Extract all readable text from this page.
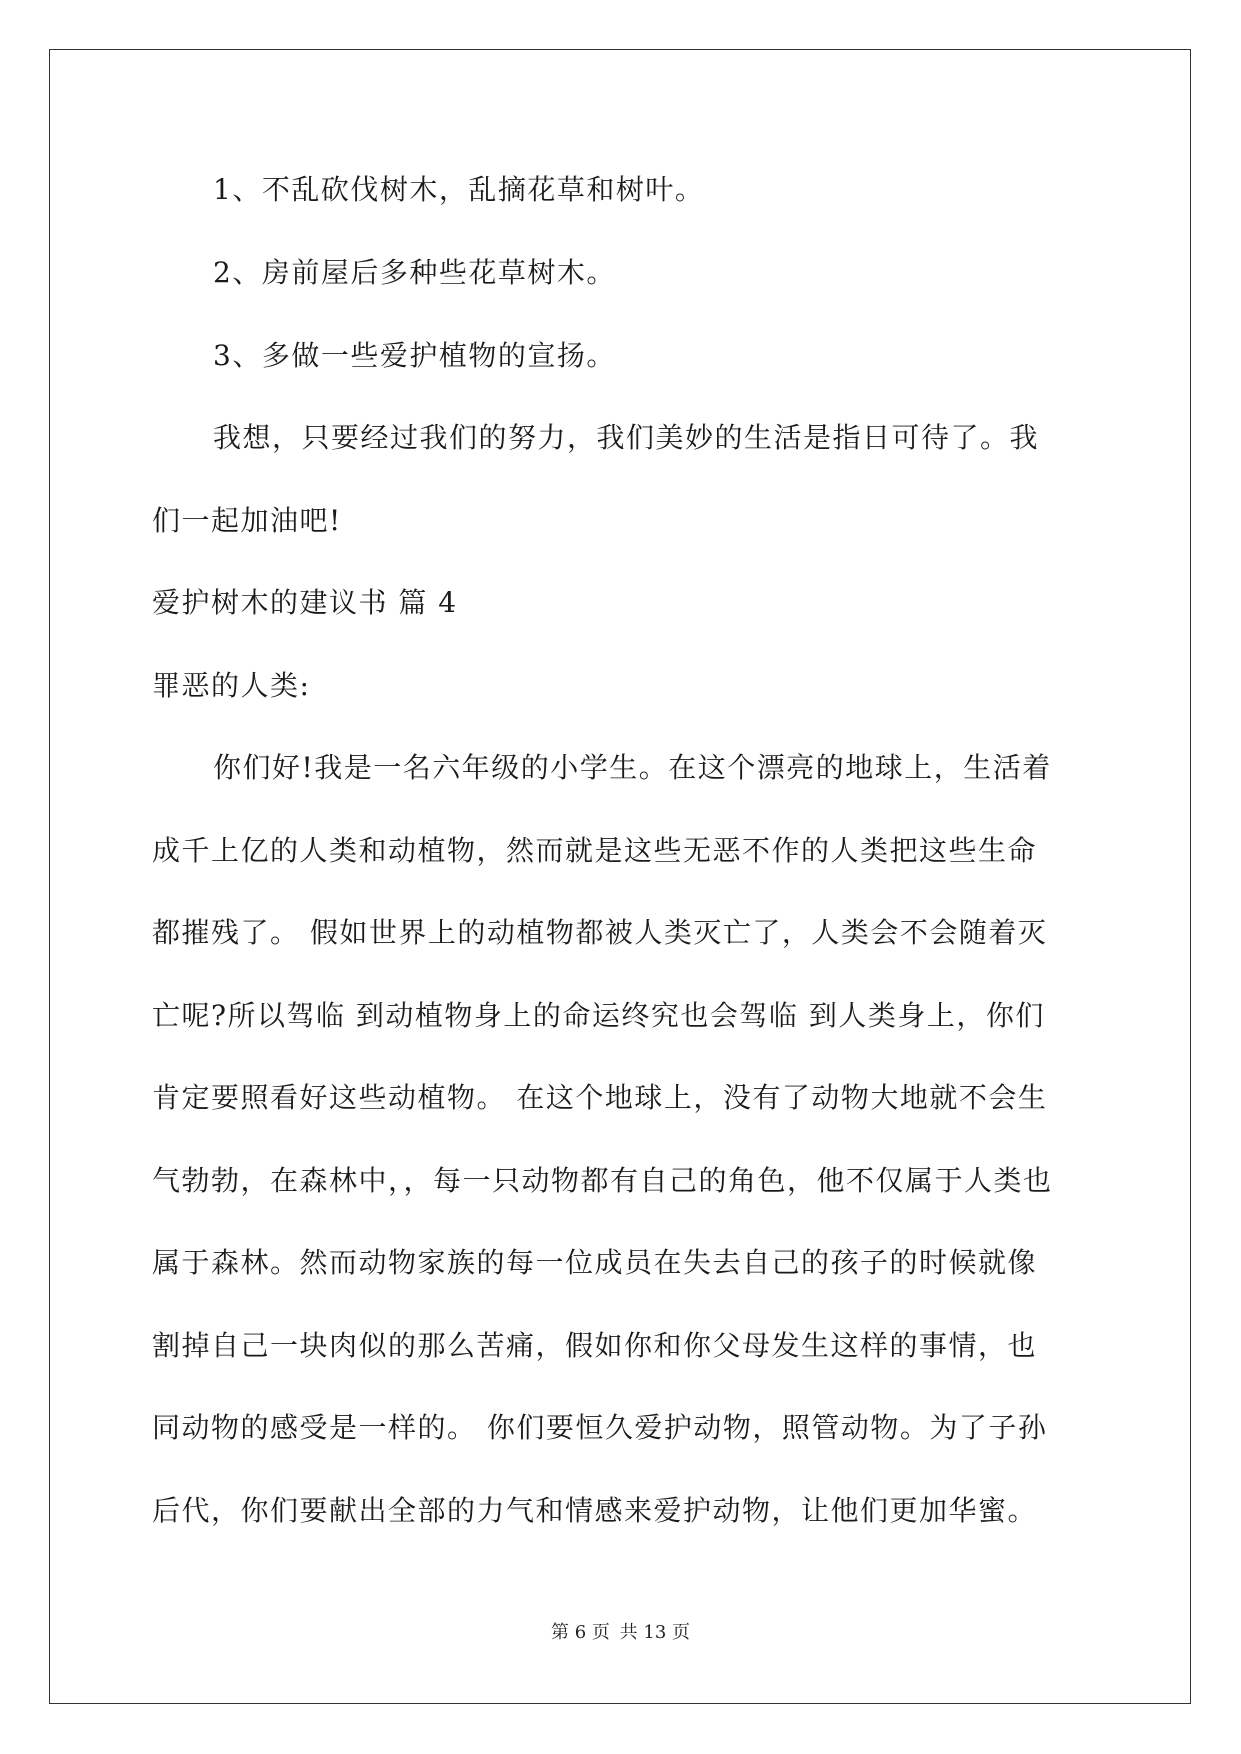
1、不乱砍伐树木，乱摘花草和树叶。
2、房前屋后多种些花草树木。
3、多做一些爱护植物的宣扬。
我想，只要经过我们的努力，我们美妙的生活是指日可待了。我
们一起加油吧!
爱护树木的建议书 篇 4
罪恶的人类:
你们好!我是一名六年级的小学生。在这个漂亮的地球上，生活着
成千上亿的人类和动植物，然而就是这些无恶不作的人类把这些生命
都摧残了。 假如世界上的动植物都被人类灭亡了，人类会不会随着灭
亡呢?所以驾临 到动植物身上的命运终究也会驾临 到人类身上，你们
肯定要照看好这些动植物。 在这个地球上，没有了动物大地就不会生
气勃勃，在森林中，，每一只动物都有自己的角色，他不仅属于人类也
属于森林。然而动物家族的每一位成员在失去自己的孩子的时候就像
割掉自己一块肉似的那么苦痛，假如你和你父母发生这样的事情，也
同动物的感受是一样的。 你们要恒久爱护动物，照管动物。为了子孙
后代，你们要献出全部的力气和情感来爱护动物，让他们更加华蜜。
第 6 页 共 13 页
